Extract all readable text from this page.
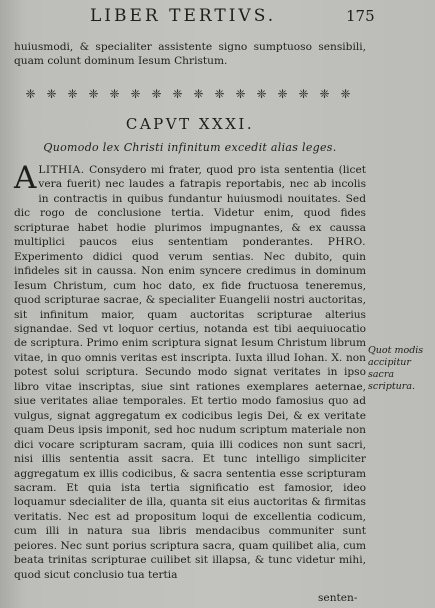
LIBER TERTIVS.	175

huiusmodi, & specialiter assistente signo sumptuoso sensibili, quam colunt dominum Iesum Christum.

❈ ❈ ❈ ❈ ❈ ❈ ❈ ❈ ❈ ❈ ❈ ❈ ❈ ❈ ❈ ❈
CAPVT XXXI.
Quomodo lex Christi infinitum excedit alias leges.

ALITHIA. Consydero mi frater, quod pro ista sententia (licet vera fuerit) nec laudes a fatrapis reportabis, nec ab incolis in contractis in quibus fundantur huiusmodi nouitates. Sed dic rogo de conclusione tertia. Videtur enim, quod fides scripturae habet hodie plurimos impugnantes, & ex caussa multiplici paucos eius sententiam ponderantes. PHRO. Experimento didici quod verum sentias. Nec dubito, quin infideles sit in caussa. Non enim syncere credimus in dominum Iesum Christum, cum hoc dato, ex fide fructuosa teneremus, quod scripturae sacrae, & specialiter Euangelii nostri auctoritas, sit infinitum maior, quam auctoritas scripturae alterius signandae. Sed vt loquor certius, notanda est tibi aequiuocatio de scriptura. Primo enim scriptura signat Iesum Christum librum vitae, in quo omnis veritas est inscripta. Iuxta illud Iohan. X. non potest solui scriptura. Secundo modo signat veritates in ipso libro vitae inscriptas, siue sint rationes exemplares aeternae, siue veritates aliae temporales. Et tertio modo famosius quo ad vulgus, signat aggregatum ex codicibus legis Dei, & ex veritate quam Deus ipsis imponit, sed hoc nudum scriptum materiale non dici vocare scripturam sacram, quia illi codices non sunt sacri, nisi illis sententia assit sacra. Et tunc intelligo simpliciter aggregatum ex illis codicibus, & sacra sententia esse scripturam sacram. Et quia ista tertia significatio est famosior, ideo loquamur sdecialiter de illa, quanta sit eius auctoritas & firmitas veritatis. Nec est ad propositum loqui de excellentia codicum, cum illi in natura sua libris mendacibus communiter sunt peiores. Nec sunt porius scriptura sacra, quam quilibet alia, cum beata trinitas scripturae cuilibet sit illapsa, & tunc videtur mihi, quod sicut conclusio tua tertia

Quot modis accipitur sacra scriptura.
senten-
